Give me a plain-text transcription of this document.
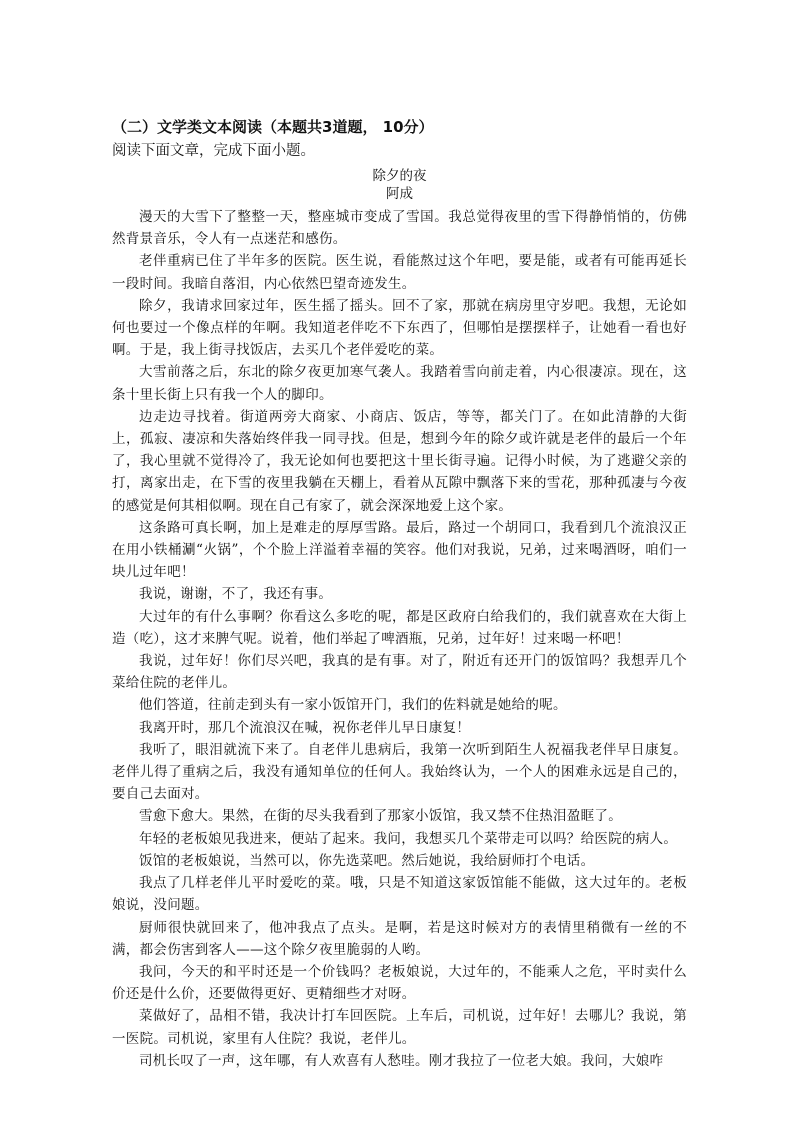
（二）文学类文本阅读（本题共3道题， 10分）
阅读下面文章，完成下面小题。
除夕的夜
阿成

漫天的大雪下了整整一天，整座城市变成了雪国。我总觉得夜里的雪下得静悄悄的，仿佛然背景音乐，令人有一点迷茫和感伤。

老伴重病已住了半年多的医院。医生说，看能熬过这个年吧，要是能，或者有可能再延长一段时间。我暗自落泪，内心依然巴望奇迹发生。

除夕，我请求回家过年，医生摇了摇头。回不了家，那就在病房里守岁吧。我想，无论如何也要过一个像点样的年啊。我知道老伴吃不下东西了，但哪怕是摆摆样子，让她看一看也好啊。于是，我上街寻找饭店，去买几个老伴爱吃的菜。

大雪前落之后，东北的除夕夜更加寒气袭人。我踏着雪向前走着，内心很凄凉。现在，这条十里长街上只有我一个人的脚印。

边走边寻找着。街道两旁大商家、小商店、饭店，等等，都关门了。在如此清静的大街上，孤寂、凄凉和失落始终伴我一同寻找。但是，想到今年的除夕或许就是老伴的最后一个年了，我心里就不觉得冷了，我无论如何也要把这十里长街寻遍。记得小时候，为了逃避父亲的打，离家出走，在下雪的夜里我躺在天棚上，看着从瓦隙中飘落下来的雪花，那种孤凄与今夜的感觉是何其相似啊。现在自己有家了，就会深深地爱上这个家。

这条路可真长啊，加上是难走的厚厚雪路。最后，路过一个胡同口，我看到几个流浪汉正在用小铁桶涮“火锅”，个个脸上洋溢着幸福的笑容。他们对我说，兄弟，过来喝酒呀，咱们一块儿过年吧！

我说，谢谢，不了，我还有事。

大过年的有什么事啊？你看这么多吃的呢，都是区政府白给我们的，我们就喜欢在大街上造（吃），这才来脾气呢。说着，他们举起了啤酒瓶，兄弟，过年好！过来喝一杯吧！

我说，过年好！你们尽兴吧，我真的是有事。对了，附近有还开门的饭馆吗？我想弄几个菜给住院的老伴儿。

他们答道，往前走到头有一家小饭馆开门，我们的佐料就是她给的呢。

我离开时，那几个流浪汉在喊，祝你老伴儿早日康复！

我听了，眼泪就流下来了。自老伴儿患病后，我第一次听到陌生人祝福我老伴早日康复。老伴儿得了重病之后，我没有通知单位的任何人。我始终认为，一个人的困难永远是自己的，要自己去面对。

雪愈下愈大。果然，在街的尽头我看到了那家小饭馆，我又禁不住热泪盈眶了。

年轻的老板娘见我进来，便站了起来。我问，我想买几个菜带走可以吗？给医院的病人。

饭馆的老板娘说，当然可以，你先选菜吧。然后她说，我给厨师打个电话。

我点了几样老伴儿平时爱吃的菜。哦，只是不知道这家饭馆能不能做，这大过年的。老板娘说，没问题。

厨师很快就回来了，他冲我点了点头。是啊，若是这时候对方的表情里稍微有一丝的不满，都会伤害到客人——这个除夕夜里脆弱的人哟。

我问，今天的和平时还是一个价钱吗？老板娘说，大过年的，不能乘人之危，平时卖什么价还是什么价，还要做得更好、更精细些才对呀。

菜做好了，品相不错，我决计打车回医院。上车后，司机说，过年好！去哪儿？我说，第一医院。司机说，家里有人住院？我说，老伴儿。

司机长叹了一声，这年哪，有人欢喜有人愁哇。刚才我拉了一位老大娘。我问，大娘咋
